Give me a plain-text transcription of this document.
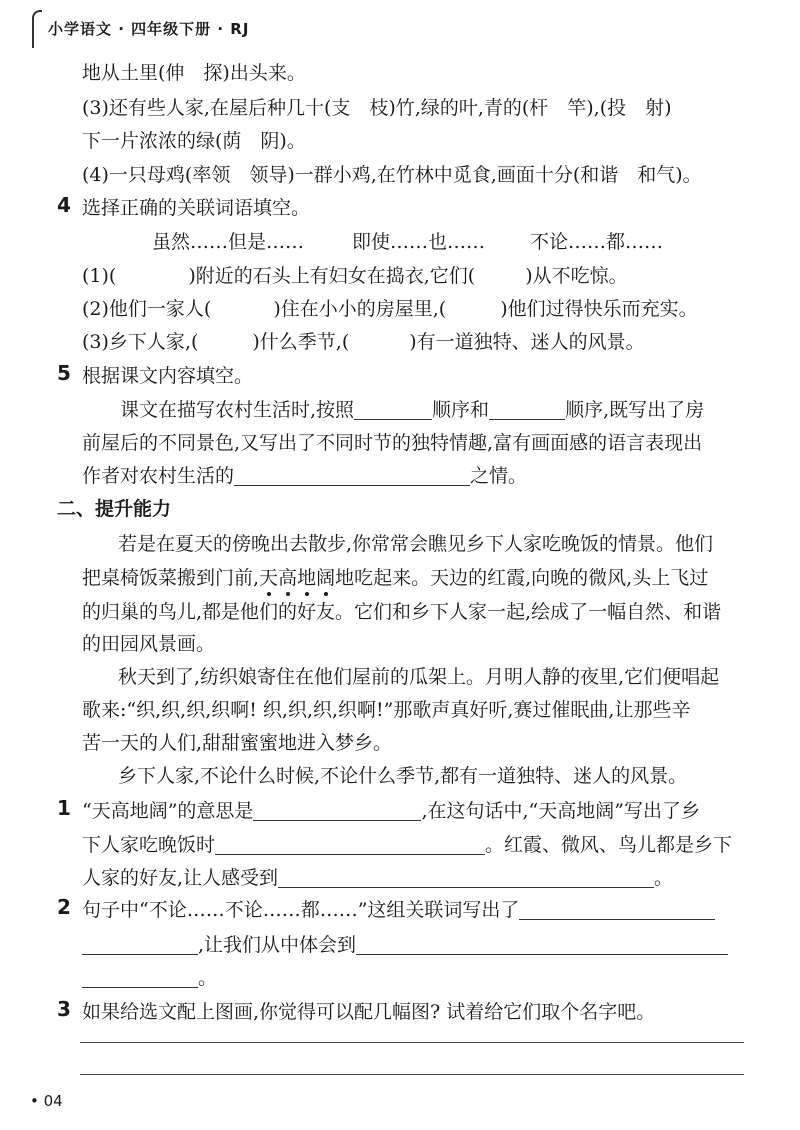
小学语文 · 四年级下册 · RJ
地从土里(伸　探)出头来。
(3)还有些人家,在屋后种几十(支　枝)竹,绿的叶,青的(杆　竿),(投　射)
下一片浓浓的绿(荫　阴)。
(4)一只母鸡(率领　领导)一群小鸡,在竹林中觅食,画面十分(和谐　和气)。
4 选择正确的关联词语填空。
虽然……但是……	即使……也…… 不论……都……
(1)(	)附近的石头上有妇女在捣衣,它们(	)从不吃惊。
(2)他们一家人(	)住在小小的房屋里,(	)他们过得快乐而充实。
(3)乡下人家,(	)什么季节,(	)有一道独特、迷人的风景。
5 根据课文内容填空。
课文在描写农村生活时,按照	顺序和	顺序,既写出了房
前屋后的不同景色,又写出了不同时节的独特情趣,富有画面感的语言表现出
作者对农村生活的	之情。
二、提升能力
若是在夏天的傍晚出去散步,你常常会瞧见乡下人家吃晚饭的情景。他们
把桌椅饭菜搬到门前,天高地阔地吃起来。天边的红霞,向晚的微风,头上飞过
的归巢的鸟儿,都是他们的好友。它们和乡下人家一起,绘成了一幅自然、和谐
的田园风景画。
秋天到了,纺织娘寄住在他们屋前的瓜架上。月明人静的夜里,它们便唱起
歌来:“织,织,织,织啊! 织,织,织,织啊!”那歌声真好听,赛过催眠曲,让那些辛
苦一天的人们,甜甜蜜蜜地进入梦乡。
乡下人家,不论什么时候,不论什么季节,都有一道独特、迷人的风景。
1 “天高地阔”的意思是	,在这句话中,“天高地阔”写出了乡
下人家吃晚饭时	。红霞、微风、鸟儿都是乡下
人家的好友,让人感受到	。
2 句子中“不论……不论……都……”这组关联词写出了
,让我们从中体会到
。
3 如果给选文配上图画,你觉得可以配几幅图? 试着给它们取个名字吧。
• 04
